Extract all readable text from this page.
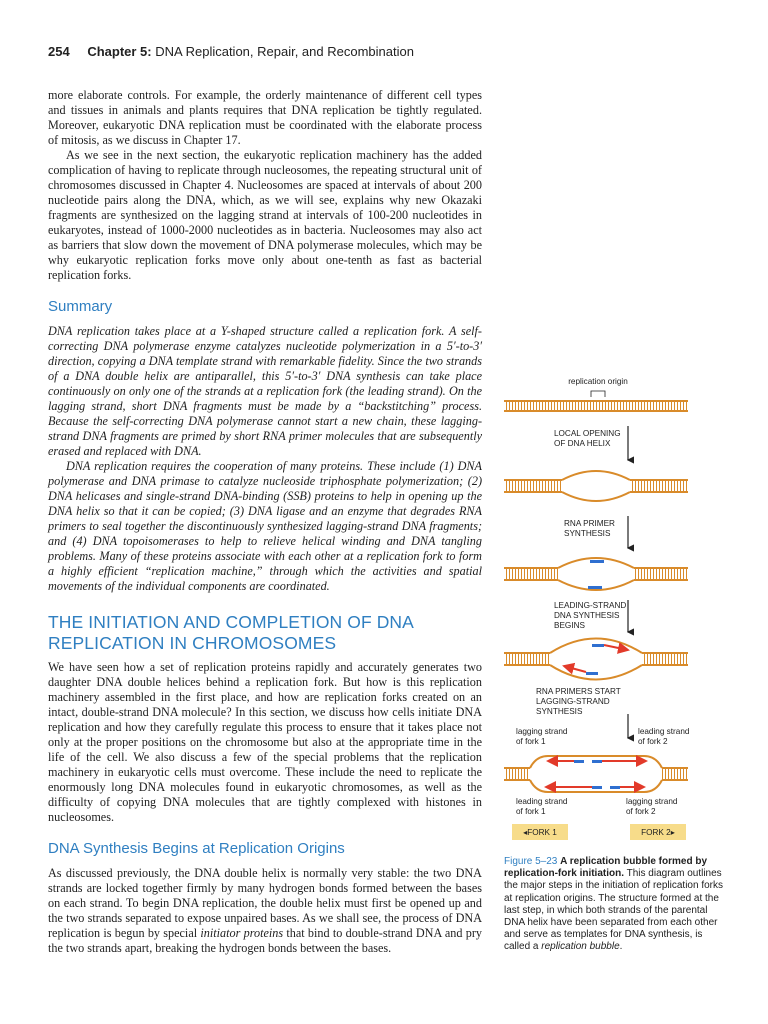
254 Chapter 5: DNA Replication, Repair, and Recombination

more elaborate controls. For example, the orderly maintenance of different cell types and tissues in animals and plants requires that DNA replication be tightly regulated. Moreover, eukaryotic DNA replication must be coordinated with the elaborate process of mitosis, as we discuss in Chapter 17.

As we see in the next section, the eukaryotic replication machinery has the added complication of having to replicate through nucleosomes, the repeating structural unit of chromosomes discussed in Chapter 4. Nucleosomes are spaced at intervals of about 200 nucleotide pairs along the DNA, which, as we will see, explains why new Okazaki fragments are synthesized on the lagging strand at intervals of 100-200 nucleotides in eukaryotes, instead of 1000-2000 nucleotides as in bacteria. Nucleosomes may also act as barriers that slow down the movement of DNA polymerase molecules, which may be why eukaryotic replication forks move only about one-tenth as fast as bacterial replication forks.

Summary

DNA replication takes place at a Y-shaped structure called a replication fork. A self-correcting DNA polymerase enzyme catalyzes nucleotide polymerization in a 5′-to-3′ direction, copying a DNA template strand with remarkable fidelity. Since the two strands of a DNA double helix are antiparallel, this 5′-to-3′ DNA synthesis can take place continuously on only one of the strands at a replication fork (the leading strand). On the lagging strand, short DNA fragments must be made by a “backstitching” process. Because the self-correcting DNA polymerase cannot start a new chain, these lagging-strand DNA fragments are primed by short RNA primer molecules that are subsequently erased and replaced with DNA.

DNA replication requires the cooperation of many proteins. These include (1) DNA polymerase and DNA primase to catalyze nucleoside triphosphate polymerization; (2) DNA helicases and single-strand DNA-binding (SSB) proteins to help in opening up the DNA helix so that it can be copied; (3) DNA ligase and an enzyme that degrades RNA primers to seal together the discontinuously synthesized lagging-strand DNA fragments; and (4) DNA topoisomerases to help to relieve helical winding and DNA tangling problems. Many of these proteins associate with each other at a replication fork to form a highly efficient “replication machine,” through which the activities and spatial movements of the individual components are coordinated.

THE INITIATION AND COMPLETION OF DNA REPLICATION IN CHROMOSOMES

We have seen how a set of replication proteins rapidly and accurately generates two daughter DNA double helices behind a replication fork. But how is this replication machinery assembled in the first place, and how are replication forks created on an intact, double-strand DNA molecule? In this section, we discuss how cells initiate DNA replication and how they carefully regulate this process to ensure that it takes place not only at the proper positions on the chromosome but also at the appropriate time in the life of the cell. We also discuss a few of the special problems that the replication machinery in eukaryotic cells must overcome. These include the need to replicate the enormously long DNA molecules found in eukaryotic chromosomes, as well as the difficulty of copying DNA molecules that are tightly complexed with histones in nucleosomes.

DNA Synthesis Begins at Replication Origins

As discussed previously, the DNA double helix is normally very stable: the two DNA strands are locked together firmly by many hydrogen bonds formed between the bases on each strand. To begin DNA replication, the double helix must first be opened up and the two strands separated to expose unpaired bases. As we shall see, the process of DNA replication is begun by special initiator proteins that bind to double-strand DNA and pry the two strands apart, breaking the hydrogen bonds between the bases.

replication origin
LOCAL OPENING
OF DNA HELIX
RNA PRIMER
SYNTHESIS
LEADING-STRAND
DNA SYNTHESIS
BEGINS
RNA PRIMERS START
LAGGING-STRAND
SYNTHESIS
lagging strand
of fork 1
leading strand
of fork 2
leading strand
of fork 1
lagging strand
of fork 2
◂FORK 1	FORK 2▸
Figure 5–23 A replication bubble formed by replication-fork initiation. This diagram outlines the major steps in the initiation of replication forks at replication origins. The structure formed at the last step, in which both strands of the parental DNA helix have been separated from each other and serve as templates for DNA synthesis, is called a replication bubble.
